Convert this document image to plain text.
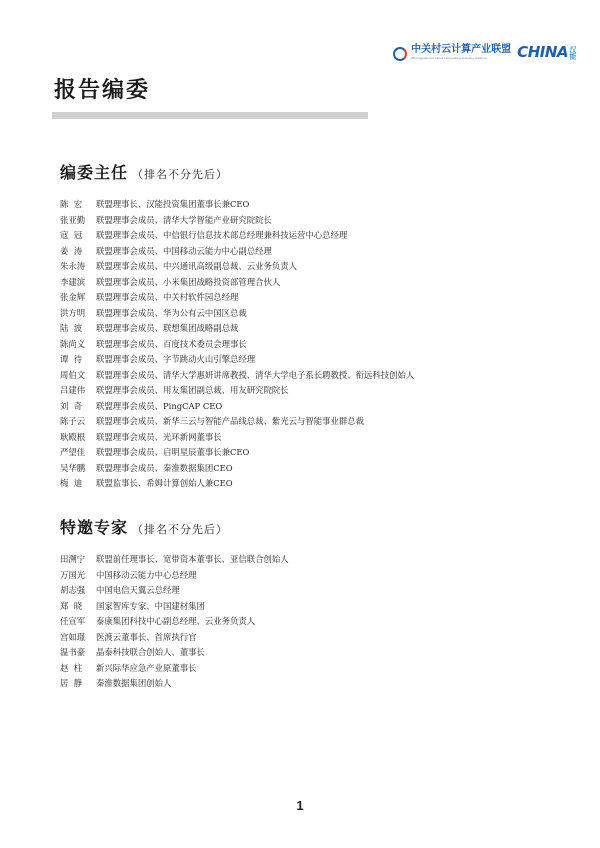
中关村云计算产业联盟
Zhongguancun Cloud Computing Industry Alliance	C HINA 汉能
报告编委
编委主任 （排名不分先后）
陈  宏	联盟理事长、汉能投资集团董事长兼CEO
张亚勤	联盟理事会成员、清华大学智能产业研究院院长
寇  冠	联盟理事会成员、中信银行信息技术部总经理兼科技运营中心总经理
姜  涛	联盟理事会成员、中国移动云能力中心副总经理
朱永涛	联盟理事会成员、中兴通讯高级副总裁、云业务负责人
李建滨	联盟理事会成员、小米集团战略投资部管理合伙人
张金辉	联盟理事会成员、中关村软件园总经理
洪方明	联盟理事会成员、华为公有云中国区总裁
陆  波	联盟理事会成员、联想集团战略副总裁
陈尚义	联盟理事会成员、百度技术委员会理事长
谭  待	联盟理事会成员、字节跳动火山引擎总经理
周伯文	联盟理事会成员、清华大学惠妍讲席教授、清华大学电子系长聘教授、衔远科技创始人
吕建伟	联盟理事会成员、用友集团副总裁、用友研究院院长
刘  奇	联盟理事会成员、PingCAP CEO
陈子云	联盟理事会成员、新华三云与智能产品线总裁、紫光云与智能事业群总裁
耿殿根	联盟理事会成员、光环新网董事长
严望佳	联盟理事会成员、启明星辰董事长兼CEO
吴华鹏	联盟理事会成员、秦淮数据集团CEO
梅  迪	联盟监事长、希姆计算创始人兼CEO
特邀专家 （排名不分先后）
田溯宁	联盟前任理事长、宽带资本董事长、亚信联合创始人
万国光	中国移动云能力中心总经理
胡志强	中国电信天翼云总经理
郑  晓	国家智库专家、中国建材集团
任宣军	泰康集团科技中心副总经理、云业务负责人
宫如璟	医渡云董事长、首席执行官
温书豪	晶泰科技联合创始人、董事长
赵  柱	新兴际华应急产业原董事长
居  静	秦淮数据集团创始人
1
